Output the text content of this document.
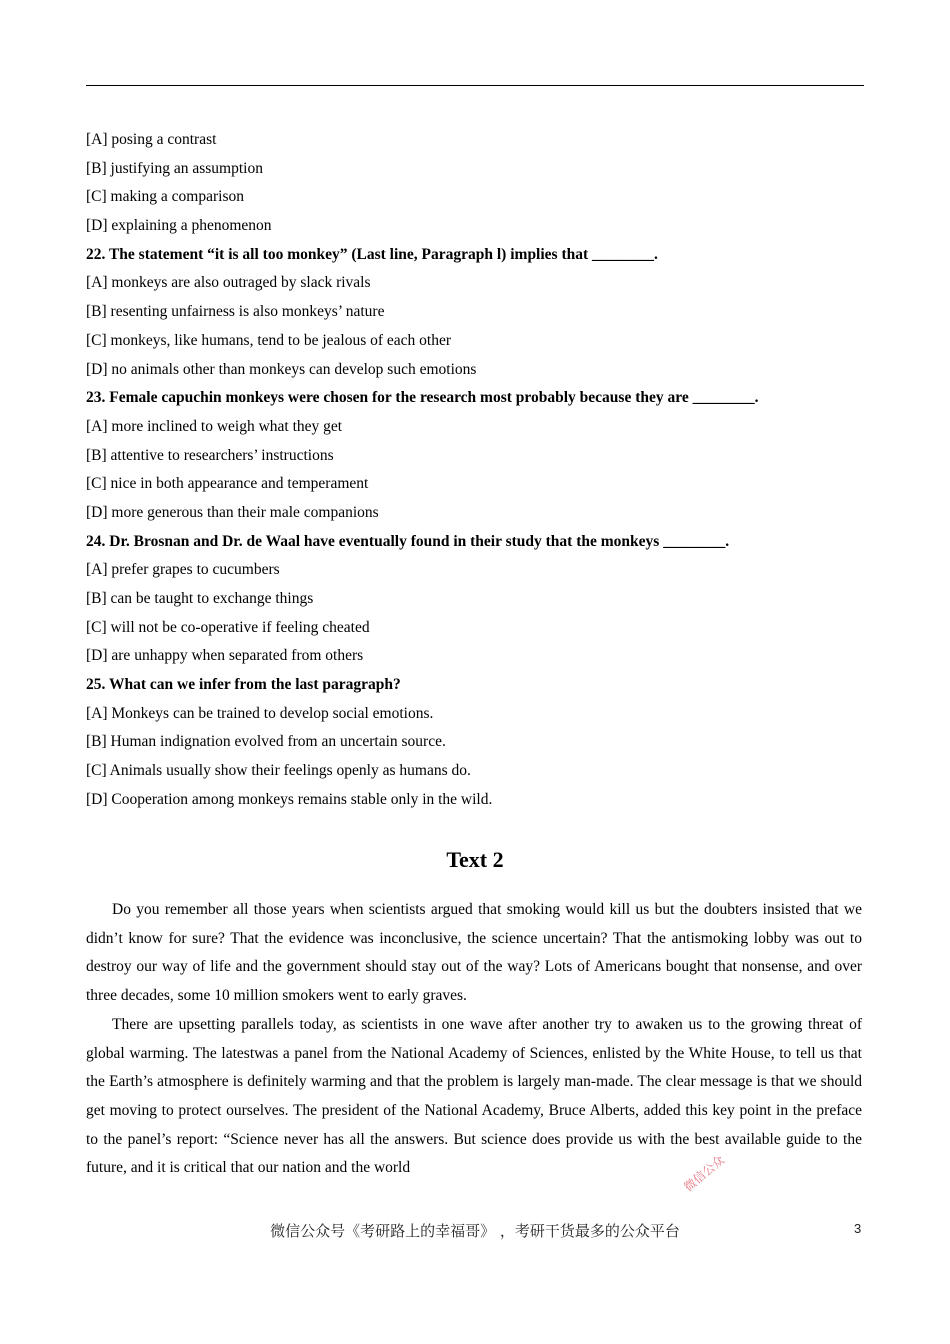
[A] posing a contrast
[B] justifying an assumption
[C] making a comparison
[D] explaining a phenomenon
22. The statement “it is all too monkey” (Last line, Paragraph l) implies that ________.
[A] monkeys are also outraged by slack rivals
[B] resenting unfairness is also monkeys’ nature
[C] monkeys, like humans, tend to be jealous of each other
[D] no animals other than monkeys can develop such emotions
23. Female capuchin monkeys were chosen for the research most probably because they are ________.
[A] more inclined to weigh what they get
[B] attentive to researchers’ instructions
[C] nice in both appearance and temperament
[D] more generous than their male companions
24. Dr. Brosnan and Dr. de Waal have eventually found in their study that the monkeys ________.
[A] prefer grapes to cucumbers
[B] can be taught to exchange things
[C] will not be co-operative if feeling cheated
[D] are unhappy when separated from others
25. What can we infer from the last paragraph?
[A] Monkeys can be trained to develop social emotions.
[B] Human indignation evolved from an uncertain source.
[C] Animals usually show their feelings openly as humans do.
[D] Cooperation among monkeys remains stable only in the wild.
Text 2

Do you remember all those years when scientists argued that smoking would kill us but the doubters insisted that we didn’t know for sure? That the evidence was inconclusive, the science uncertain? That the antismoking lobby was out to destroy our way of life and the government should stay out of the way? Lots of Americans bought that nonsense, and over three decades, some 10 million smokers went to early graves.

There are upsetting parallels today, as scientists in one wave after another try to awaken us to the growing threat of global warming. The latestwas a panel from the National Academy of Sciences, enlisted by the White House, to tell us that the Earth’s atmosphere is definitely warming and that the problem is largely man-made. The clear message is that we should get moving to protect ourselves. The president of the National Academy, Bruce Alberts, added this key point in the preface to the panel’s report: “Science never has all the answers. But science does provide us with the best available guide to the future, and it is critical that our nation and the world	微信公众
微信公众号《考研路上的幸福哥》 ，考研干货最多的公众平台	3
